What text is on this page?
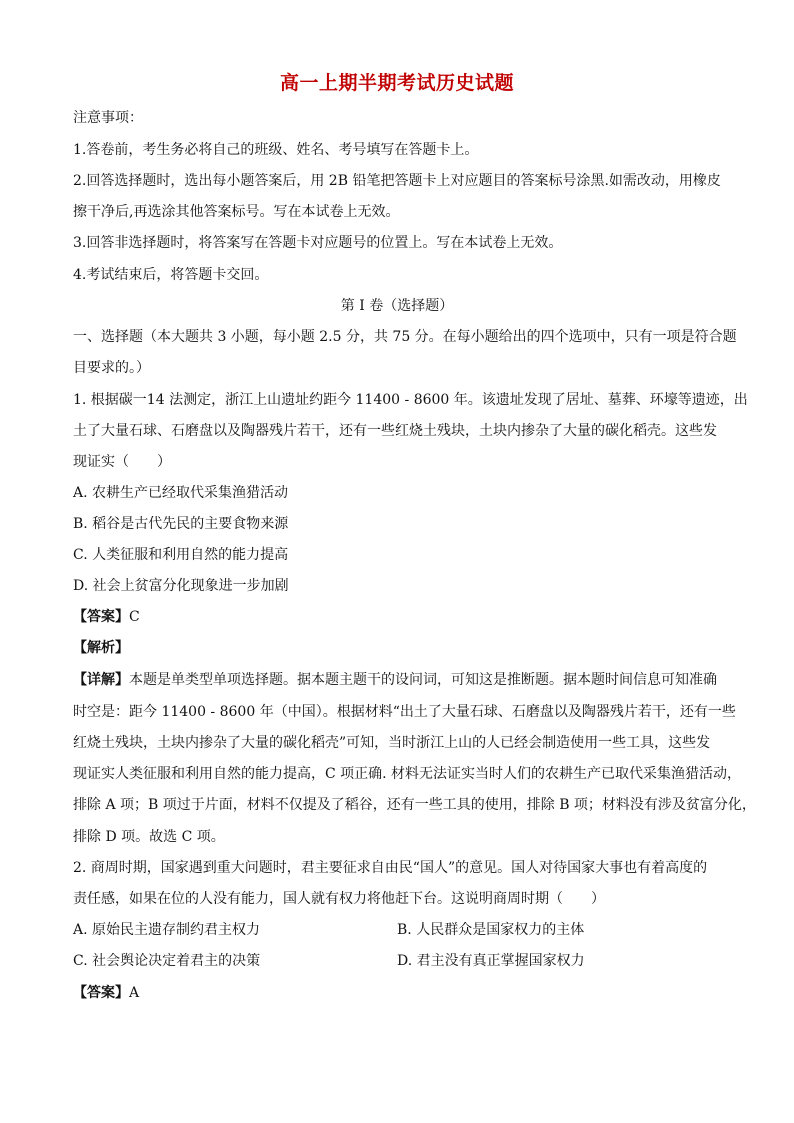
高一上期半期考试历史试题
注意事项：
1.答卷前，考生务必将自己的班级、姓名、考号填写在答题卡上。
2.回答选择题时，选出每小题答案后，用 2B 铅笔把答题卡上对应题目的答案标号涂黑.如需改动，用橡皮
擦干净后,再选涂其他答案标号。写在本试卷上无效。
3.回答非选择题时，将答案写在答题卡对应题号的位置上。写在本试卷上无效。
4.考试结束后，将答题卡交回。
第 I 卷（选择题）
一、选择题（本大题共 3 小题，每小题 2.5 分，共 75 分。在每小题给出的四个选项中，只有一项是符合题
目要求的。）
1. 根据碳一14 法测定，浙江上山遗址约距今 11400 - 8600 年。该遗址发现了居址、墓葬、环壕等遗迹，出
土了大量石球、石磨盘以及陶器残片若干，还有一些红烧土残块，土块内掺杂了大量的碳化稻壳。这些发
现证实（　　）
A. 农耕生产已经取代采集渔猎活动
B. 稻谷是古代先民的主要食物来源
C. 人类征服和利用自然的能力提高
D. 社会上贫富分化现象进一步加剧
【答案】C
【解析】
【详解】本题是单类型单项选择题。据本题主题干的设问词，可知这是推断题。据本题时间信息可知准确
时空是：距今 11400 - 8600 年（中国）。根据材料“出土了大量石球、石磨盘以及陶器残片若干，还有一些
红烧土残块，土块内掺杂了大量的碳化稻壳”可知，当时浙江上山的人已经会制造使用一些工具，这些发
现证实人类征服和利用自然的能力提高，C 项正确. 材料无法证实当时人们的农耕生产已取代采集渔猎活动，
排除 A 项；B 项过于片面，材料不仅提及了稻谷，还有一些工具的使用，排除 B 项；材料没有涉及贫富分化，
排除 D 项。故选 C 项。
2. 商周时期，国家遇到重大问题时，君主要征求自由民“国人”的意见。国人对待国家大事也有着高度的
责任感，如果在位的人没有能力，国人就有权力将他赶下台。这说明商周时期（　　）
A. 原始民主遗存制约君主权力	B. 人民群众是国家权力的主体
C. 社会舆论决定着君主的决策	D. 君主没有真正掌握国家权力
【答案】A
